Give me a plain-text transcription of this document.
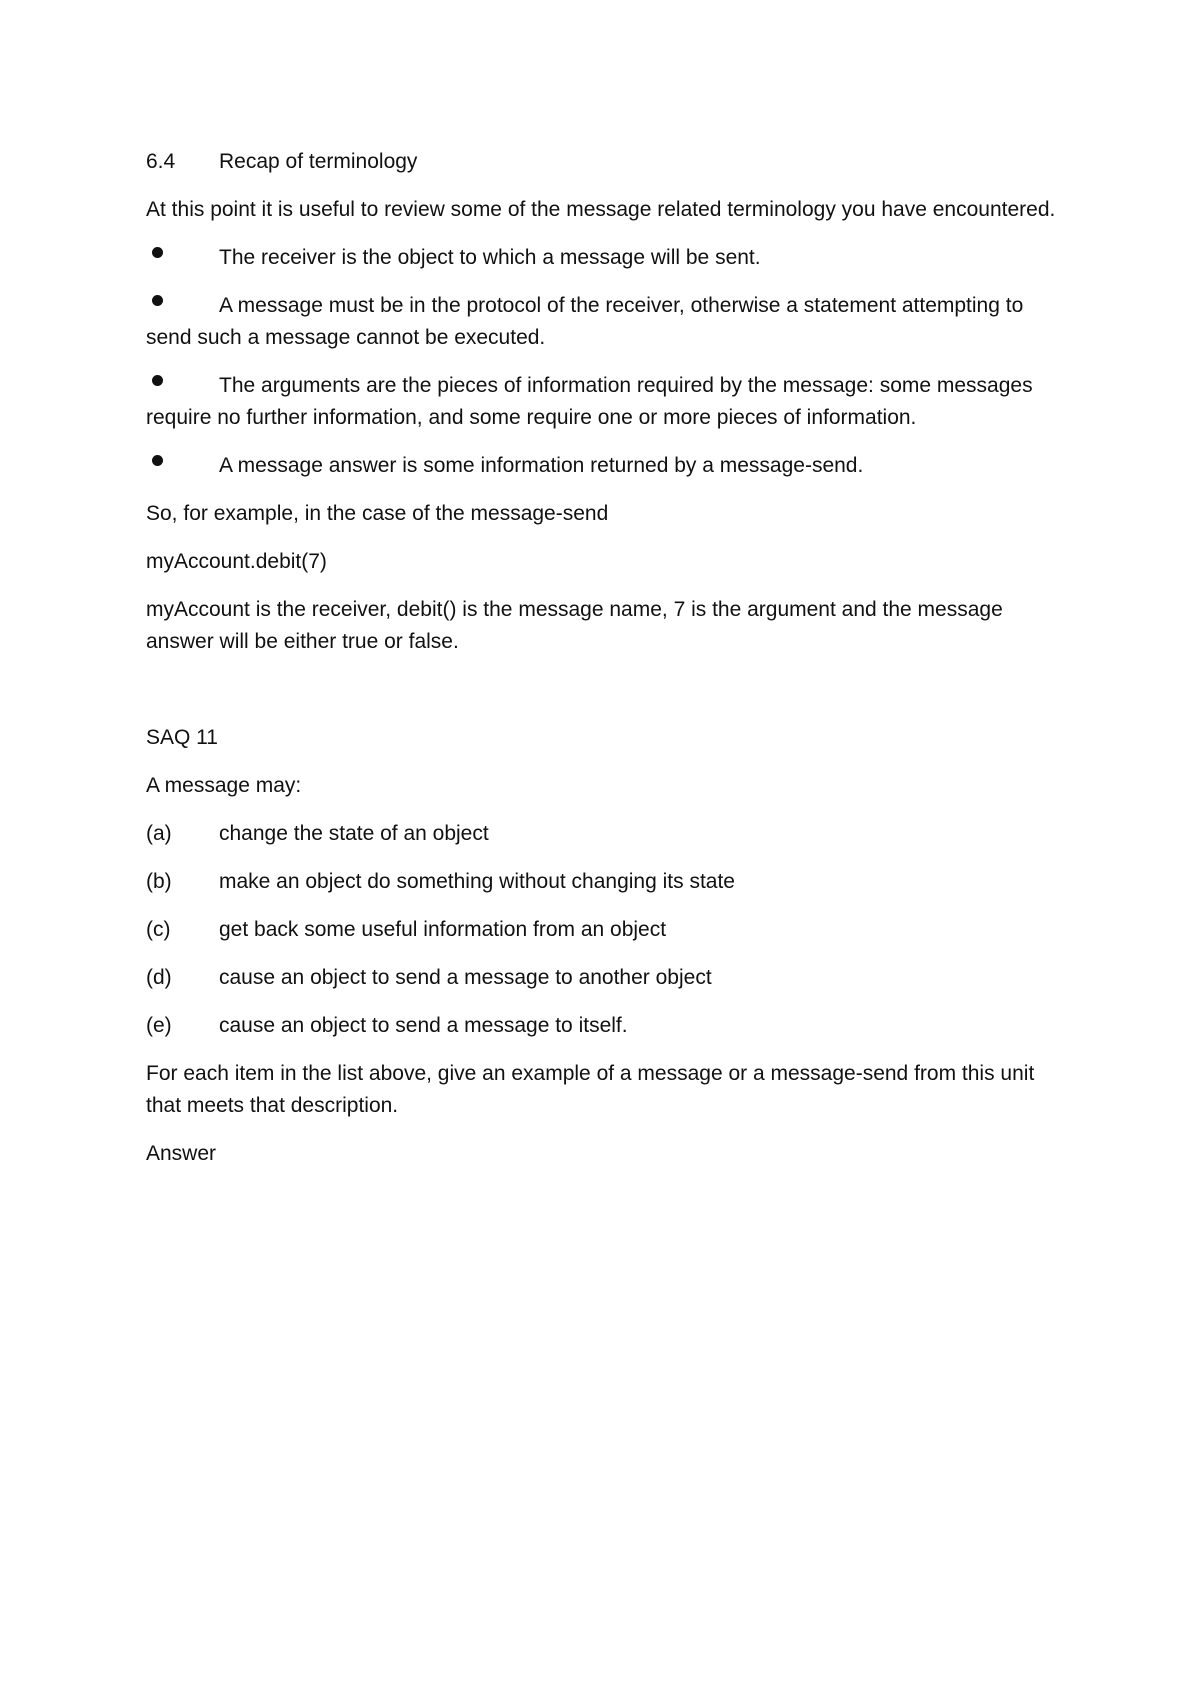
6.4	Recap of terminology

At this point it is useful to review some of the message related terminology you have encountered.

The receiver is the object to which a message will be sent.

A message must be in the protocol of the receiver, otherwise a statement attempting to send such a message cannot be executed.

The arguments are the pieces of information required by the message: some messages require no further information, and some require one or more pieces of information.

A message answer is some information returned by a message-send.

So, for example, in the case of the message-send

myAccount.debit(7)

myAccount is the receiver, debit() is the message name, 7 is the argument and the message answer will be either true or false.

SAQ 11

A message may:

(a)	change the state of an object
(b)	make an object do something without changing its state
(c)	get back some useful information from an object
(d)	cause an object to send a message to another object
(e)	cause an object to send a message to itself.

For each item in the list above, give an example of a message or a message-send from this unit that meets that description.

Answer
